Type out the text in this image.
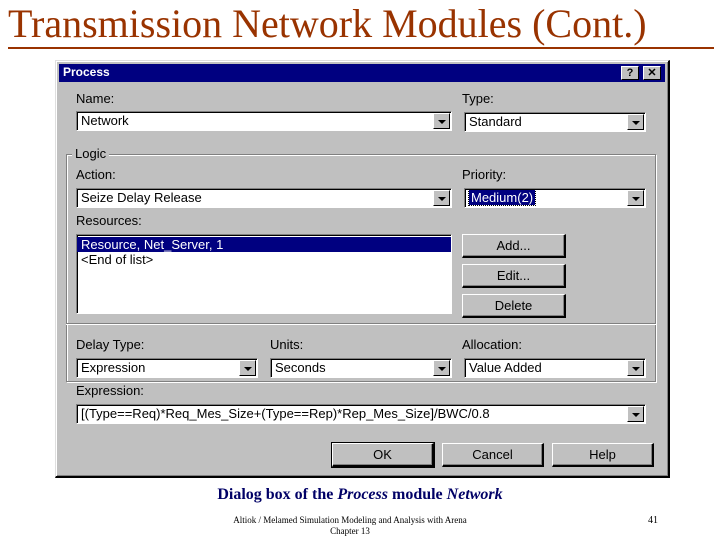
Transmission Network Modules (Cont.)
Process	?	✕
Name:
Network
Type:
Standard
Logic
Action:
Seize Delay Release
Priority:
Medium(2)
Resources:
Resource, Net_Server, 1
<End of list>
Add...
Edit...
Delete
Delay Type:
Expression
Units:
Seconds
Allocation:
Value Added
Expression:
[(Type==Req)*Req_Mes_Size+(Type==Rep)*Rep_Mes_Size]/BWC/0.8
OK	Cancel	Help
Dialog box of the Process module Network
Altiok / Melamed Simulation Modeling and Analysis with Arena
Chapter 13
41
